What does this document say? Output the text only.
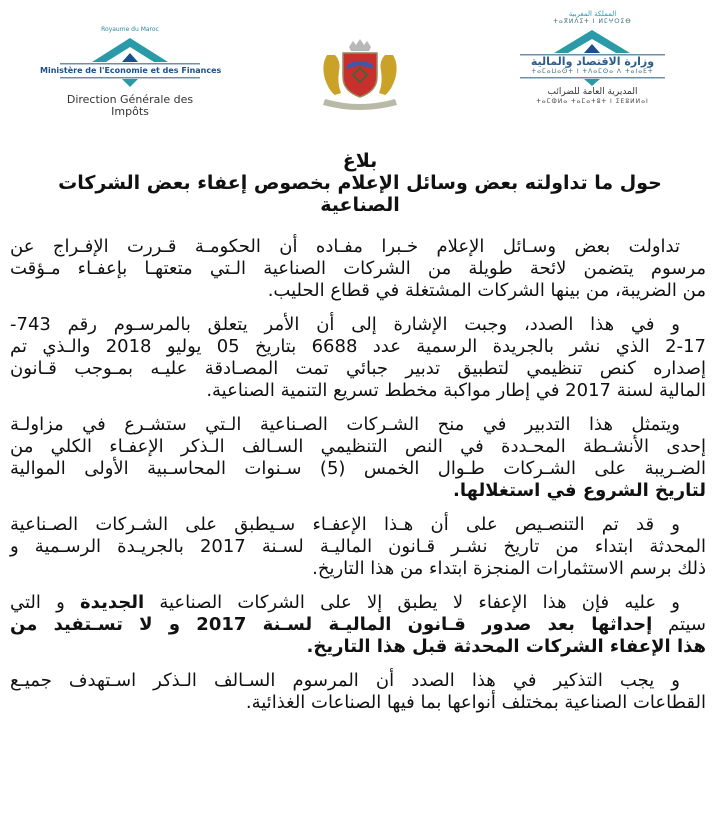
Royaume du Maroc
Ministère de l'Economie et des Finances
Direction Générale des
Impôts
المملكة المغربية
ⵜⴰⴳⵍⴷⵉⵜ ⵏ ⵍⵎⵖⵔⵉⴱ
وزارة الاقتصاد والمالية
ⵜⴰⵎⴰⵡⴰⵙⵜ ⵏ ⵜⴷⴰⵎⵙⴰ ⴷ ⵜⴰⵏⴰⴹⵜ
المديرية العامة للضرائب
ⵜⴰⵎⵀⵍⴰ ⵜⴰⵎⴰⵜⵓⵜ ⵏ ⵉⴹⵓⵍⵍⴰⵏ
بلاغ
حول ما تداولته بعض وسائل الإعلام بخصوص إعفاء بعض الشركات
الصناعية
تداولت بعض وسـائل الإعلام خـبرا مفـاده أن الحكومـة قـررت الإفـراج عن
مرسوم يتضمن لائحة طويلة من الشركات الصناعية الـتي متعتهـا بإعفـاء مـؤقت
من الضريبة، من بينها الشركات المشتغلة في قطاع الحليب.
و في هذا الصدد، وجبت الإشارة إلى أن الأمر يتعلق بالمرسـوم رقم 743-
2-17 الذي نشر بالجريدة الرسمية عدد 6688 بتاريخ 05 يوليو 2018 والـذي تم
إصداره كنص تنظيمي لتطبيق تدبير جبائي تمت المصـادقة عليـه بمـوجب قـانون
المالية لسنة 2017 في إطار مواكبة مخطط تسريع التنمية الصناعية.
ويتمثل هذا التدبير في منح الشـركات الصـناعية الـتي ستشـرع في مزاولـة
إحدى الأنشـطة المحـددة في النص التنظيمي السـالف الـذكر الإعفـاء الكلي من
الضـريبة على الشـركات طـوال الخمس (5) سـنوات المحاسـبية الأولى الموالية
لتاريخ الشروع في استغلالها.
و قد تم التنصـيص على أن هـذا الإعفـاء سـيطبق على الشـركات الصـناعية
المحدثة ابتداء من تاريخ نشـر قـانون الماليـة لسـنة 2017 بالجريـدة الرسـمية و
ذلك برسم الاستثمارات المنجزة ابتداء من هذا التاريخ.
و عليه فإن هذا الإعفاء لا يطبق إلا على الشركات الصناعية الجديدة و التي
سيتم إحداثها بعد صدور قـانون الماليـة لسـنة 2017 و لا تسـتفيد من
هذا الإعفاء الشركات المحدثة قبل هذا التاريخ.
و يجب التذكير في هذا الصدد أن المرسوم السـالف الـذكر اسـتهدف جميـع
القطاعات الصناعية بمختلف أنواعها بما فيها الصناعات الغذائية.
